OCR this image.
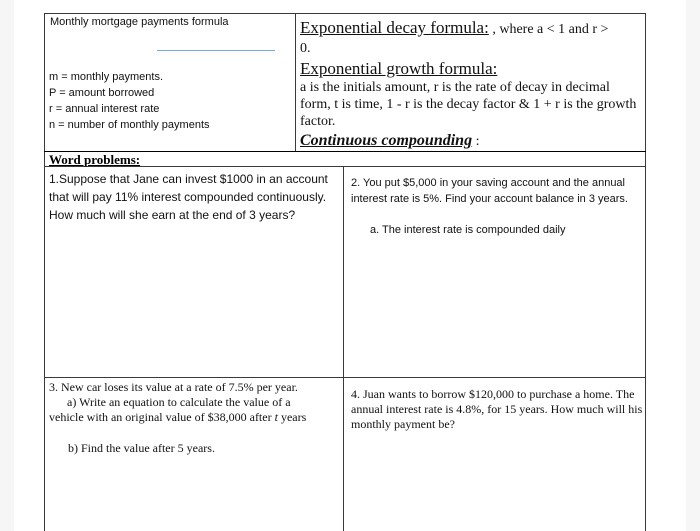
Monthly mortgage payments formula
m = monthly payments.
P = amount borrowed
r = annual interest rate
n = number of monthly payments
Exponential decay formula: , where a < 1 and r >
0.
Exponential growth formula:
a is the initials amount, r is the rate of decay in decimal form, t is time, 1 - r is the decay factor & 1 + r is the growth factor.
Continuous compounding :
Word problems:
1.Suppose that Jane can invest $1000 in an account that will pay 11% interest compounded continuously. How much will she earn at the end of 3 years?
2. You put $5,000 in your saving account and the annual interest rate is 5%. Find your account balance in 3 years.
a. The interest rate is compounded daily
3. New car loses its value at a rate of 7.5% per year.
a) Write an equation to calculate the value of a
vehicle with an original value of $38,000 after t years
b) Find the value after 5 years.
4. Juan wants to borrow $120,000 to purchase a home. The annual interest rate is 4.8%, for 15 years. How much will his monthly payment be?
